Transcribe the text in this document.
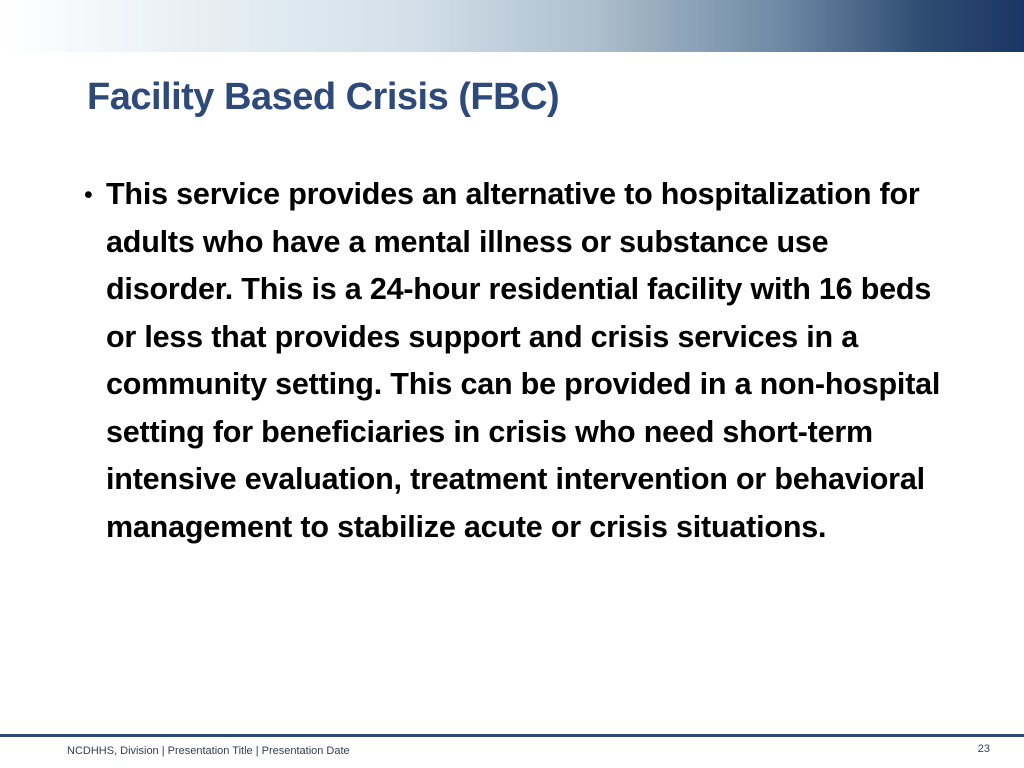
Facility Based Crisis (FBC)
• This service provides an alternative to hospitalization for adults who have a mental illness or substance use disorder. This is a 24-hour residential facility with 16 beds or less that provides support and crisis services in a community setting. This can be provided in a non-hospital setting for beneficiaries in crisis who need short-term intensive evaluation, treatment intervention or behavioral management to stabilize acute or crisis situations.

NCDHHS, Division | Presentation Title | Presentation Date	23
